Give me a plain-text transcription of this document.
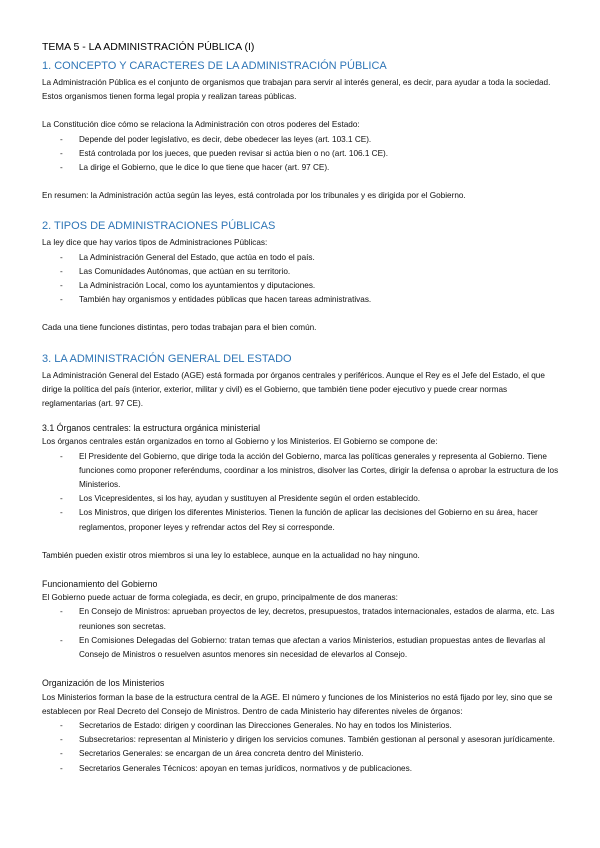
TEMA 5 - LA ADMINISTRACIÓN PÚBLICA (I)
1. CONCEPTO Y CARACTERES DE LA ADMINISTRACIÓN PÚBLICA

La Administración Pública es el conjunto de organismos que trabajan para servir al interés general, es decir, para ayudar a toda la sociedad. Estos organismos tienen forma legal propia y realizan tareas públicas.

La Constitución dice cómo se relaciona la Administración con otros poderes del Estado:

- Depende del poder legislativo, es decir, debe obedecer las leyes (art. 103.1 CE).
- Está controlada por los jueces, que pueden revisar si actúa bien o no (art. 106.1 CE).
- La dirige el Gobierno, que le dice lo que tiene que hacer (art. 97 CE).

En resumen: la Administración actúa según las leyes, está controlada por los tribunales y es dirigida por el Gobierno.

2. TIPOS DE ADMINISTRACIONES PÚBLICAS

La ley dice que hay varios tipos de Administraciones Públicas:

- La Administración General del Estado, que actúa en todo el país.
- Las Comunidades Autónomas, que actúan en su territorio.
- La Administración Local, como los ayuntamientos y diputaciones.
- También hay organismos y entidades públicas que hacen tareas administrativas.

Cada una tiene funciones distintas, pero todas trabajan para el bien común.

3. LA ADMINISTRACIÓN GENERAL DEL ESTADO

La Administración General del Estado (AGE) está formada por órganos centrales y periféricos. Aunque el Rey es el Jefe del Estado, el que dirige la política del país (interior, exterior, militar y civil) es el Gobierno, que también tiene poder ejecutivo y puede crear normas reglamentarias (art. 97 CE).

3.1 Órganos centrales: la estructura orgánica ministerial

Los órganos centrales están organizados en torno al Gobierno y los Ministerios. El Gobierno se compone de:

- El Presidente del Gobierno, que dirige toda la acción del Gobierno, marca las políticas generales y representa al Gobierno. Tiene funciones como proponer referéndums, coordinar a los ministros, disolver las Cortes, dirigir la defensa o aprobar la estructura de los Ministerios.
- Los Vicepresidentes, si los hay, ayudan y sustituyen al Presidente según el orden establecido.
- Los Ministros, que dirigen los diferentes Ministerios. Tienen la función de aplicar las decisiones del Gobierno en su área, hacer reglamentos, proponer leyes y refrendar actos del Rey si corresponde.

También pueden existir otros miembros si una ley lo establece, aunque en la actualidad no hay ninguno.

Funcionamiento del Gobierno

El Gobierno puede actuar de forma colegiada, es decir, en grupo, principalmente de dos maneras:

- En Consejo de Ministros: aprueban proyectos de ley, decretos, presupuestos, tratados internacionales, estados de alarma, etc. Las reuniones son secretas.
- En Comisiones Delegadas del Gobierno: tratan temas que afectan a varios Ministerios, estudian propuestas antes de llevarlas al Consejo de Ministros o resuelven asuntos menores sin necesidad de elevarlos al Consejo.

Organización de los Ministerios

Los Ministerios forman la base de la estructura central de la AGE. El número y funciones de los Ministerios no está fijado por ley, sino que se establecen por Real Decreto del Consejo de Ministros. Dentro de cada Ministerio hay diferentes niveles de órganos:

- Secretarios de Estado: dirigen y coordinan las Direcciones Generales. No hay en todos los Ministerios.
- Subsecretarios: representan al Ministerio y dirigen los servicios comunes. También gestionan al personal y asesoran jurídicamente.
- Secretarios Generales: se encargan de un área concreta dentro del Ministerio.
- Secretarios Generales Técnicos: apoyan en temas jurídicos, normativos y de publicaciones.
